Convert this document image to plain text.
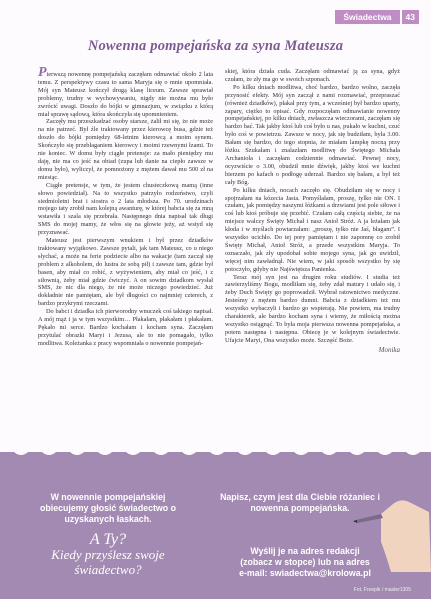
Świadectwa	43
Nowenna pompejańska za syna Mateusza

Pierwszą nowennę pompejańską zaczęłam odmawiać około 2 lata temu. Z perspektywy czasu to sama Maryja się o mnie upomniała. Mój syn Mateusz kończył drugą klasę liceum. Zawsze sprawiał problemy, trudny w wychowywaniu, nigdy nie można mu było zwrócić uwagi. Doszło do bójki w gimnazjum, w związku z którą miał sprawę sądową, która skończyła się upomnieniem.

Zaczęły mu przeszkadzać osoby starsze, żalił mi się, że nie może na nie patrzeć. Był źle traktowany przez kierowcę busa, gdzie też doszło do bójki pomiędzy 68-letnim kierowcą a moim synem. Skończyło się przebłaganiem kierowcy i moimi rzewnymi łzami. To nie koniec. W domu były ciągłe pretensje: za mało pieniędzy mu daję, nie ma co jeść na obiad (zupa lub danie na ciepło zawsze w domu było), wyliczył, że pomnożony z mężem dawał mu 500 zł na miesiąc.

Ciągłe pretensje, w tym, że jestem chusteczkową mamą (inne słowo powiedział). Na to wszystko patrzyło rodzeństwo, czyli siedmioletni brat i siostra o 2 lata młodsza. Po 70. urodzinach mojego taty zrobił nam kolejną awanturę, w której babcia się za mną wstawiła i szala się przebrała. Następnego dnia napisał tak długi SMS do mojej mamy, że włos się na głowie jeży, aż wstyd się przyznawać.

Mateusz jest pierwszym wnukiem i był przez dziadków traktowany wyjątkowo. Zawsze pytali, jak tam Mateusz, co u niego słychać, a może na ferie podziecie albo na wakacje (tam zaczął się problem z alkoholem, do lustra że sobą pił) i zawsze tam, gdzie był basen, aby miał co robić, z wyżywieniem, aby miał co jeść, i z siłownią, żeby miał gdzie ćwiczyć. A on sowim dziadkom wysłał SMS, że nic dla niego, że nie może niczego powiedzieć. Już dokładnie nie pamiętam, ale był długości co najmniej czterech, z bardzo przykrymi rzeczami.

Do babci i dziadka ich pierworodny wnuczek coś takiego napisał. A mój mąż i ja w tym wszystkim… Płakałam, płakałam i płakałam. Pękało mi serce. Bardzo kochałam i kocham syna. Zaczęłam przytulać obrazki Maryi i Jezusa, ale to nie pomagało, tylko modlitwa. Koleżanka z pracy wspomniała o nowennie pompejań-

skiej, która działa cuda. Zaczęłam odmawiać ją za syna, gdyż czułam, że zły ma go w swoich szponach.

Po kilku dniach modlitwa, choć bardzo, bardzo wolno, zaczęła przynosić efekty. Mój syn zaczął z nami rozmawiać, przepraszać (również dziadków), płakał przy tym, a wcześniej był bardzo uparty, zapary, ciężko to opisać. Gdy rozpoczęłam odmawianie nowenny pompejańskiej, po kilku dniach, zwłaszcza wieczorami, zaczęłam się bardzo bać. Tak jakby ktoś lub coś było u nas, pukało w kuchni, czuć było coś w powietrzu. Zawsze w nocy, jak się budziłam, była 3.00. Bałam się bardzo, do tego stopnia, że miałam lampkę nocną przy łóżku. Szukałam i znalazłam modlitwę do Świętego Michała Archanioła i zaczęłam codziennie odmawiać. Pewnej nocy, ocyzwiście o 3.00, obudził mnie dźwięk, jakby ktoś we kuchni bierzem po kafach o podłogę uderzał. Bardzo się bałam, a był też cały Bóg.

Po kilku dniach, nocach zaczęło się. Obudziłam się w nocy i spojrzałam na kózecia Jasia. Pomyślałam, proszę, tylko nie ON. I czułam, jak pomiędzy naszymi łóżkami a drzwiami jest pole siłowe i coś lub ktoś próbuje się przebić. Czułam całą częścią siebie, że na miejsce walczy Święty Michał i nasz Anioł Stróż. A ja leżałam jak kłoda i w myślach powtarzałam: „proszę, tylko nie Jaś, błagam”. I wszystko ucichło. Do tej pory pamiętam i nie zapomnę co zrobił Święty Michał, Anioł Stróż, a przede wszystkim Maryja. To oznaczało, jak zły upodobał sobie mojego syna, jak go uwidził, więcej nim zawładnął. Nie wiem, w jaki sposób wszystko by się potoczyło, gdyby nie Najświętsza Panienka.

Teraz mój syn jest na drugim roku studiów. I studia też zawierzyliśmy Bogu, modliłam się, żeby zdał matury i udało się, i żeby Duch Święty go poprowadził. Wybrał ratownictwo medyczne. Jesteśmy z mężem bardzo dumni. Babcia z dziadkiem też mu wszystko wybaczyli i bardzo go wspierają. Nie powiem, ma trudny charakterek, ale bardzo kocham syna i wiemy, że miłością można wszystko osiągnąć. To była moja pierwsza nowenna pompejańska, a potem następna i następna. Obiecę je w kolejnym świadectwie. Ufajcie Maryi, Ona wszystko może. Szczęść Boże.

Monika
W nowennie pompejańskiej obiecujemy głosić świadectwo o uzyskanych łaskach.
A Ty?
Kiedy przyślesz swoje świadectwo?
Napisz, czym jest dla Ciebie różaniec i nowenna pompejańska.
Wyślij je na adres redakcji
(zobacz w stopce) lub na adres
e-mail: swiadectwa@krolowa.pl
Fot. Freepik / master1305
